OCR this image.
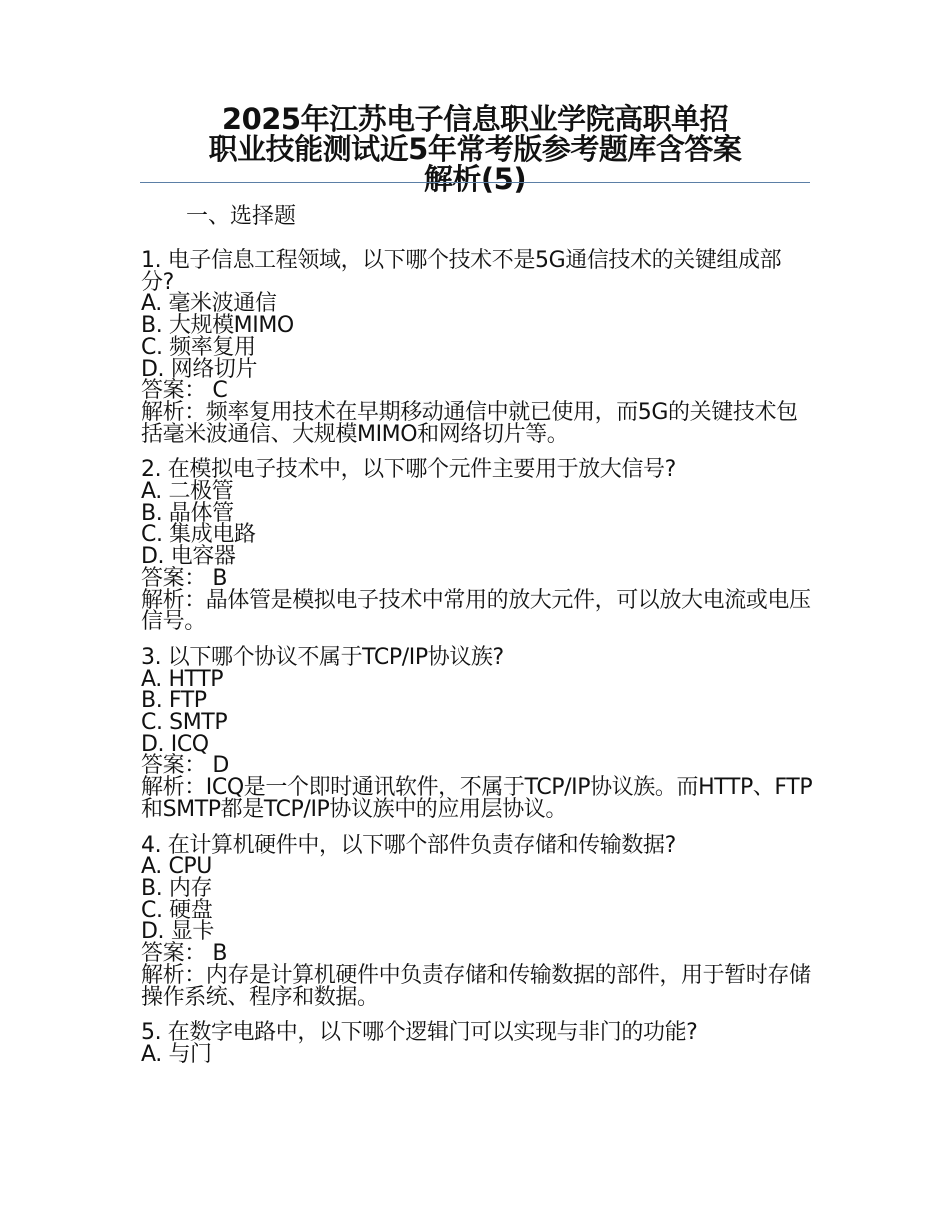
2025年江苏电子信息职业学院高职单招
职业技能测试近5年常考版参考题库含答案
解析(5)
一、选择题
1. 电子信息工程领域，以下哪个技术不是5G通信技术的关键组成部分?
A. 毫米波通信
B. 大规模MIMO
C. 频率复用
D. 网络切片
答案： C
解析：频率复用技术在早期移动通信中就已使用，而5G的关键技术包括毫米波通信、大规模MIMO和网络切片等。
2. 在模拟电子技术中，以下哪个元件主要用于放大信号?
A. 二极管
B. 晶体管
C. 集成电路
D. 电容器
答案： B
解析：晶体管是模拟电子技术中常用的放大元件，可以放大电流或电压信号。
3. 以下哪个协议不属于TCP/IP协议族?
A. HTTP
B. FTP
C. SMTP
D. ICQ
答案： D
解析：ICQ是一个即时通讯软件，不属于TCP/IP协议族。而HTTP、FTP和SMTP都是TCP/IP协议族中的应用层协议。
4. 在计算机硬件中，以下哪个部件负责存储和传输数据?
A. CPU
B. 内存
C. 硬盘
D. 显卡
答案： B
解析：内存是计算机硬件中负责存储和传输数据的部件，用于暂时存储操作系统、程序和数据。
5. 在数字电路中，以下哪个逻辑门可以实现与非门的功能?
A. 与门
